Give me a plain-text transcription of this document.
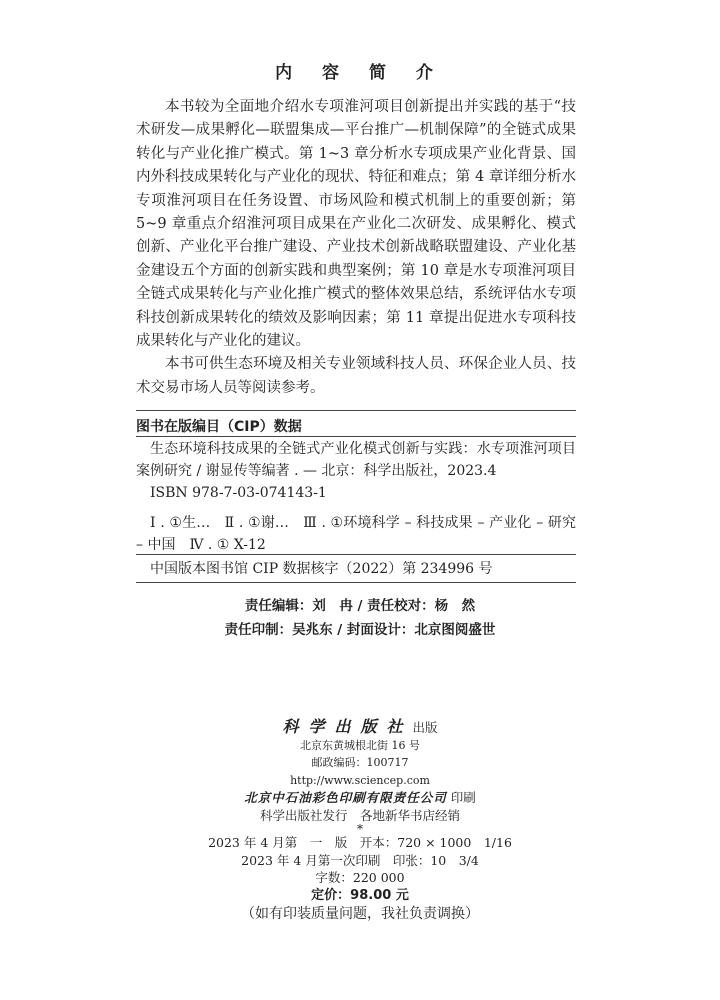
内 容 简 介

本书较为全面地介绍水专项淮河项目创新提出并实践的基于“技术研发—成果孵化—联盟集成—平台推广—机制保障”的全链式成果转化与产业化推广模式。第 1~3 章分析水专项成果产业化背景、国内外科技成果转化与产业化的现状、特征和难点；第 4 章详细分析水专项淮河项目在任务设置、市场风险和模式机制上的重要创新；第 5~9 章重点介绍淮河项目成果在产业化二次研发、成果孵化、模式创新、产业化平台推广建设、产业技术创新战略联盟建设、产业化基金建设五个方面的创新实践和典型案例；第 10 章是水专项淮河项目全链式成果转化与产业化推广模式的整体效果总结，系统评估水专项科技创新成果转化的绩效及影响因素；第 11 章提出促进水专项科技成果转化与产业化的建议。

本书可供生态环境及相关专业领域科技人员、环保企业人员、技术交易市场人员等阅读参考。

图书在版编目（CIP）数据

生态环境科技成果的全链式产业化模式创新与实践：水专项淮河项目案例研究 / 谢显传等编著 . — 北京：科学出版社，2023.4

ISBN 978-7-03-074143-1

Ⅰ . ①生…　Ⅱ . ①谢…　Ⅲ . ①环境科学 – 科技成果 – 产业化 – 研究 – 中国　Ⅳ . ① X-12

中国版本图书馆 CIP 数据核字（2022）第 234996 号
责任编辑：刘　冉 / 责任校对：杨　然
责任印制：吴兆东 / 封面设计：北京图阅盛世
科学出版社出版
北京东黄城根北街 16 号
邮政编码：100717
http://www.sciencep.com
北京中石油彩色印刷有限责任公司 印刷
科学出版社发行　各地新华书店经销
*
2023 年 4 月第　一　版　开本：720 × 1000　1/16
2023 年 4 月第一次印刷　印张：10　3/4
字数：220 000
定价：98.00 元
（如有印装质量问题，我社负责调换）
